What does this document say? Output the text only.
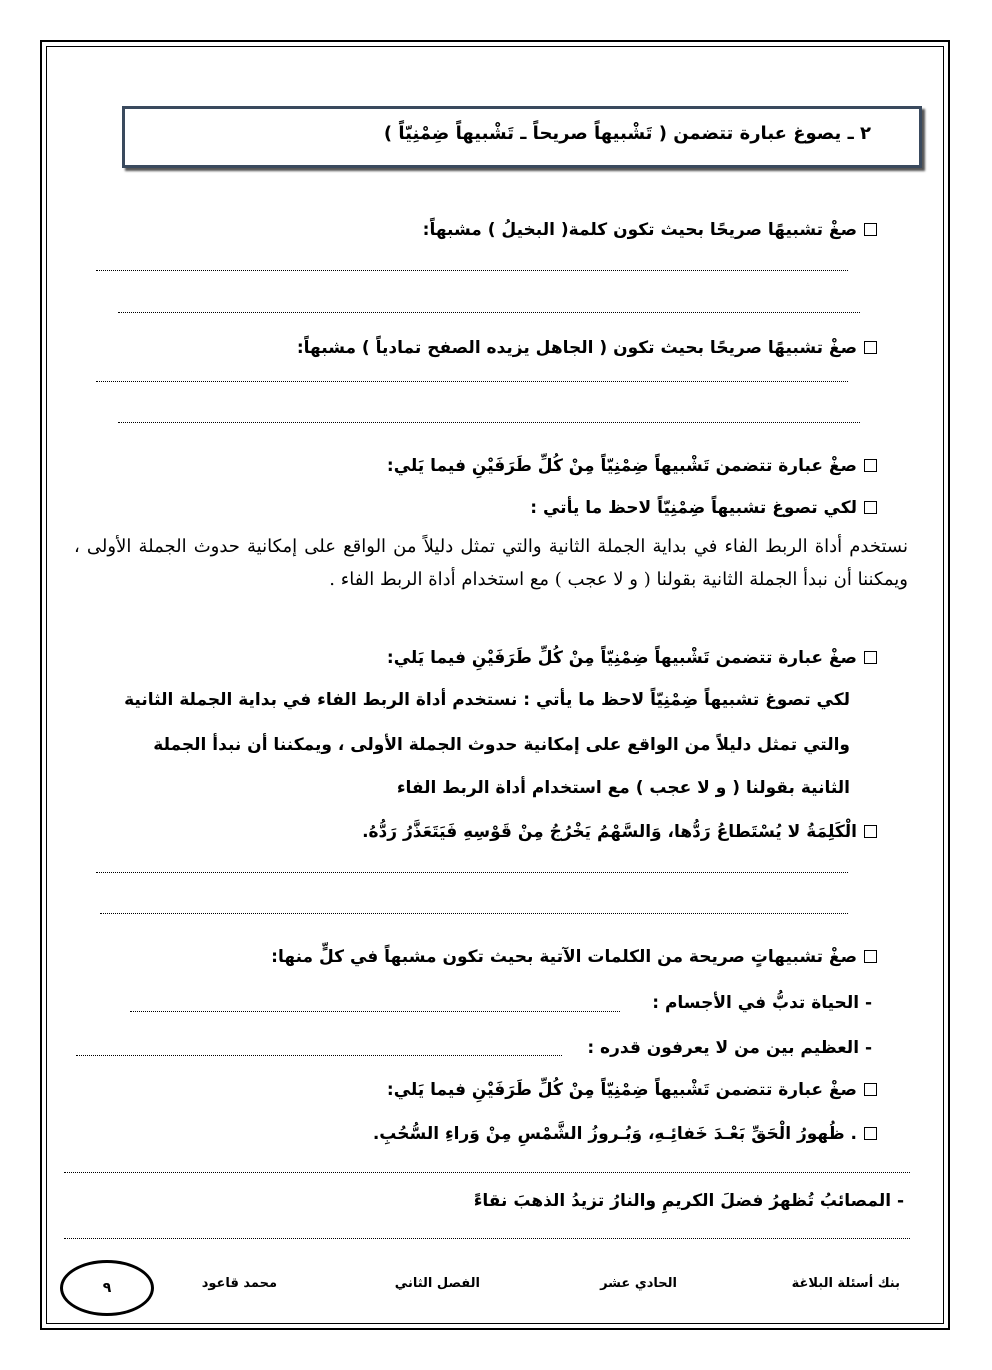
٢ ـ يصوغ عبارة تتضمن ( تَشْبيهاً صريحاً ـ تَشْبيهاً ضِمْنِيّاً )
صغْ تشبيهًا صريحًا بحيث تكون كلمة( البخيلُ ) مشبهاً:
صغْ تشبيهًا صريحًا بحيث تكون ( الجاهل يزيده الصفح تمادياً ) مشبهاً:
صغْ عبارة تتضمن تَشْبيهاً ضِمْنِيّاً مِنْ كُلِّ طَرَفَيْنِ فيما يَلي:
لكي تصوغ تشبيهاً ضِمْنِيّاً لاحظ ما يأتي :
نستخدم أداة الربط الفاء في بداية الجملة الثانية والتي تمثل دليلاً من الواقع على إمكانية حدوث الجملة الأولى ، ويمكننا أن نبدأ الجملة الثانية بقولنا ( و لا عجب ) مع استخدام أداة الربط الفاء .
صغْ عبارة تتضمن تَشْبيهاً ضِمْنِيّاً مِنْ كُلِّ طَرَفَيْنِ فيما يَلي:
لكي تصوغ تشبيهاً ضِمْنِيّاً لاحظ ما يأتي : نستخدم أداة الربط الفاء في بداية الجملة الثانية
والتي تمثل دليلاً من الواقع على إمكانية حدوث الجملة الأولى ، ويمكننا أن نبدأ الجملة
الثانية بقولنا ( و لا عجب ) مع استخدام أداة الربط الفاء
الْكَلِمَةُ لا يُسْتَطاعُ رَدُّها، وَالسَّهْمُ يَخْرُجُ مِنْ قَوْسِهِ فَيَتَعَذَّرُ رَدُّهُ.
صغْ تشبيهاتٍ صريحة من الكلمات الآتية بحيث تكون مشبهاً في كلٍّ منها:
- الحياة تدبُّ في الأجسام :
- العظيم بين من لا يعرفون قدره :
صغْ عبارة تتضمن تَشْبيهاً ضِمْنِيّاً مِنْ كُلِّ طَرَفَيْنِ فيما يَلي:
. ظُهورُ الْحَقِّ بَعْـدَ خَفائِـهِ، وَبُـروزُ الشَّمْسِ مِنْ وَراءِ السُّحُبِ.
- المصائبُ تُظهرُ فضلَ الكريمِ والنارُ تزيدُ الذهبَ نقاءً
بنك أسئلة البلاغة
الحادي عشر
الفصل الثاني
محمد قاعود
٩
